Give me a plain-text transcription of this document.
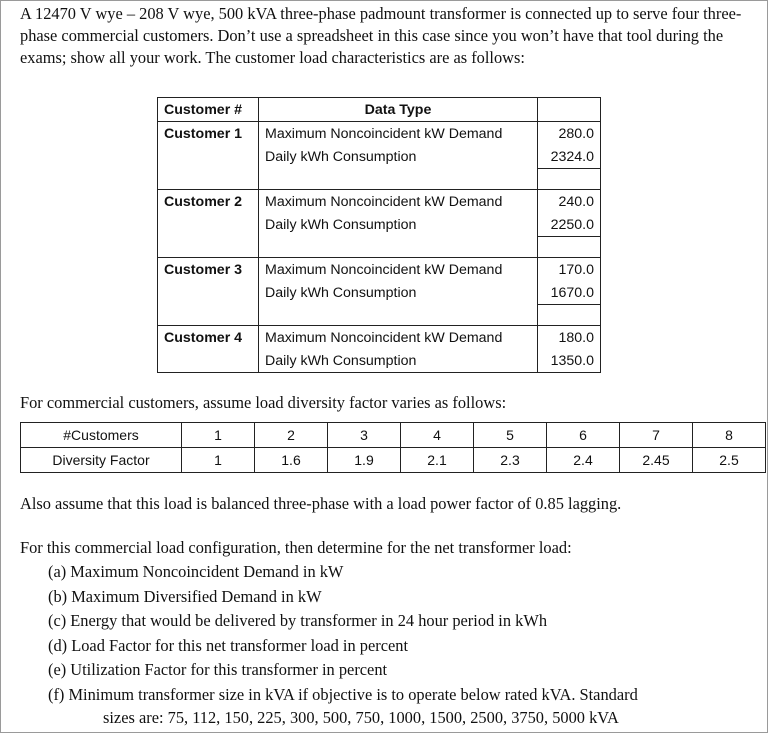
A 12470 V wye – 208 V wye, 500 kVA three-phase padmount transformer is connected up to serve four three-phase commercial customers. Don’t use a spreadsheet in this case since you won’t have that tool during the exams; show all your work. The customer load characteristics are as follows:

Customer #	Data Type	
Customer 1	Maximum Noncoincident kW Demand	280.0
	Daily kWh Consumption	2324.0

Customer 2	Maximum Noncoincident kW Demand	240.0
	Daily kWh Consumption	2250.0

Customer 3	Maximum Noncoincident kW Demand	170.0
	Daily kWh Consumption	1670.0

Customer 4	Maximum Noncoincident kW Demand	180.0
	Daily kWh Consumption	1350.0
For commercial customers, assume load diversity factor varies as follows:
#Customers	1	2	3	4	5	6	7	8
Diversity Factor	1	1.6	1.9	2.1	2.3	2.4	2.45	2.5
Also assume that this load is balanced three-phase with a load power factor of 0.85 lagging.
For this commercial load configuration, then determine for the net transformer load:
(a) Maximum Noncoincident Demand in kW
(b) Maximum Diversified Demand in kW
(c) Energy that would be delivered by transformer in 24 hour period in kWh
(d) Load Factor for this net transformer load in percent
(e) Utilization Factor for this transformer in percent
(f) Minimum transformer size in kVA if objective is to operate below rated kVA. Standard
sizes are: 75, 112, 150, 225, 300, 500, 750, 1000, 1500, 2500, 3750, 5000 kVA
